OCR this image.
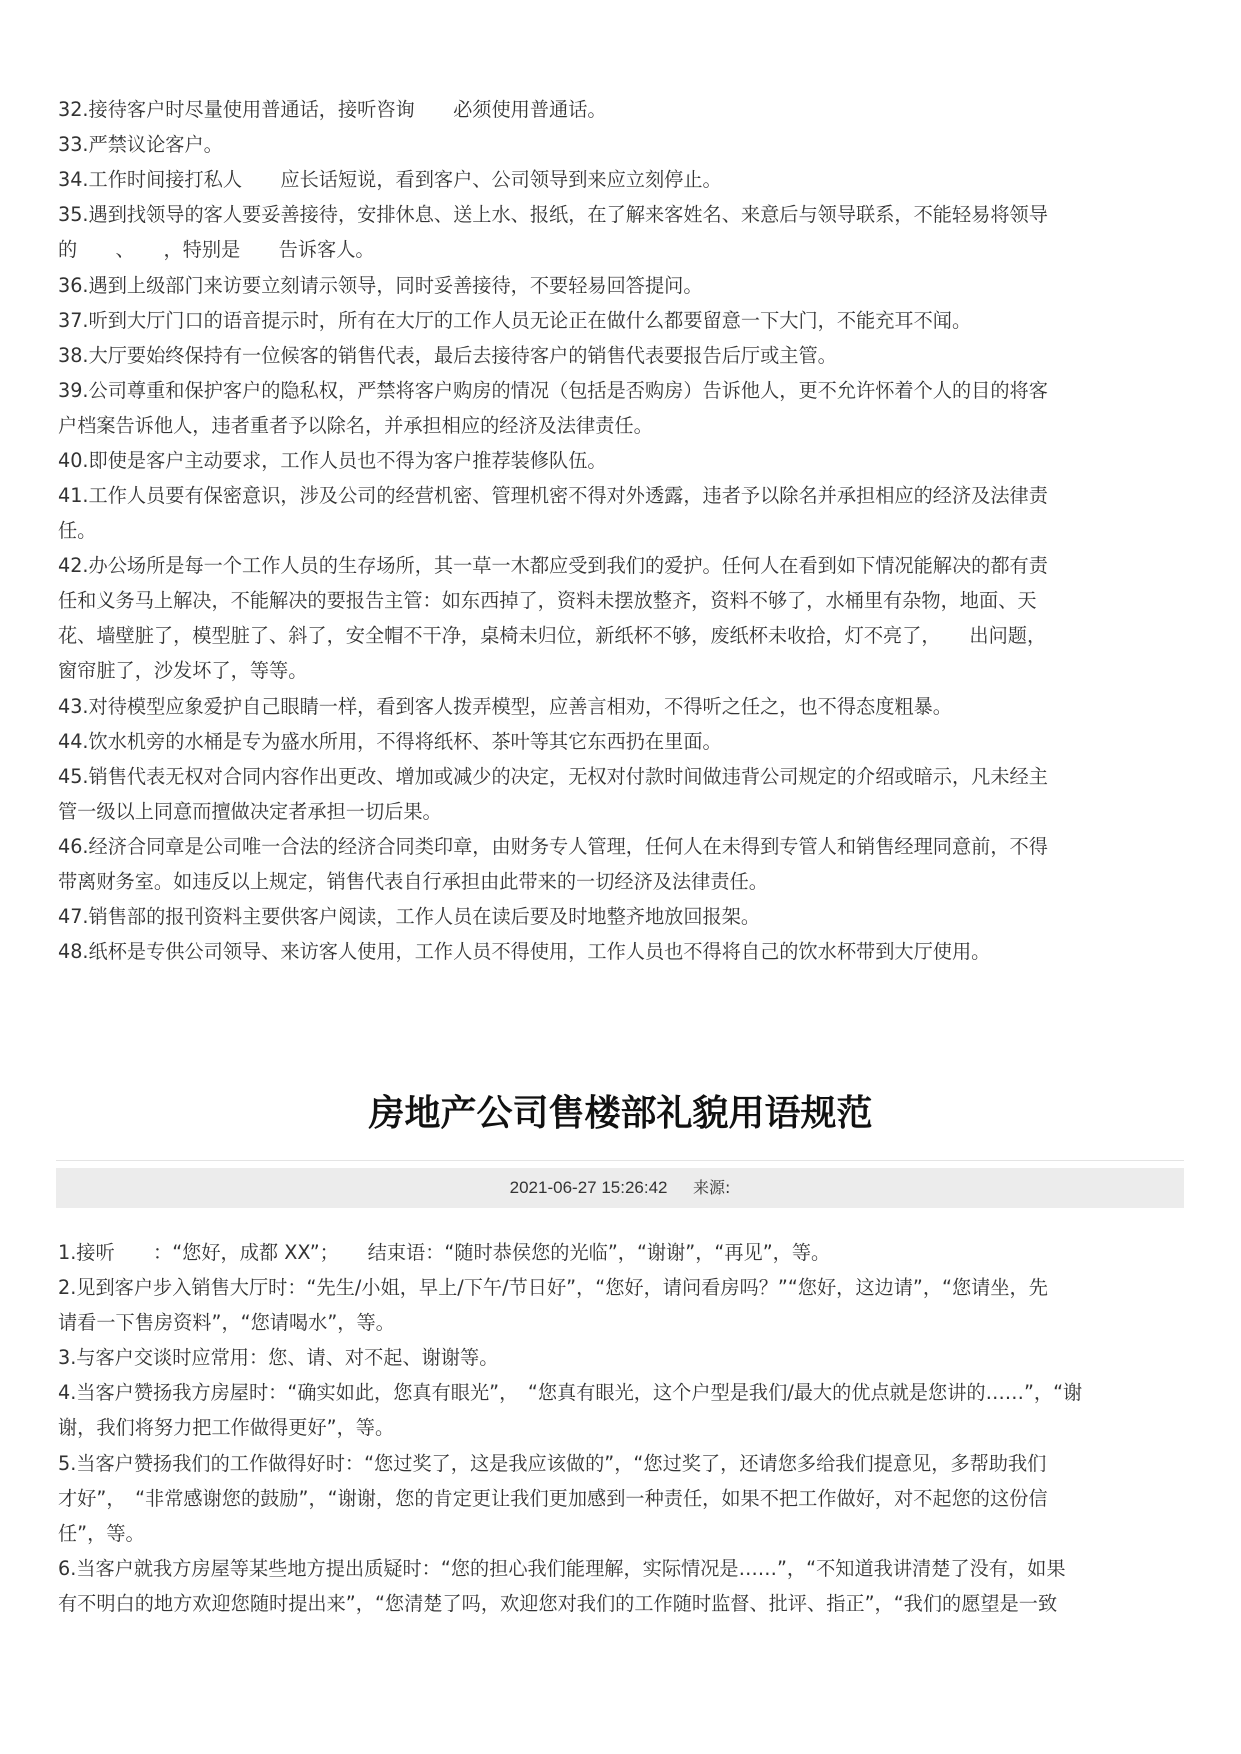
32.接待客户时尽量使用普通话，接听咨询　　必须使用普通话。
33.严禁议论客户。
34.工作时间接打私人　　应长话短说，看到客户、公司领导到来应立刻停止。
35.遇到找领导的客人要妥善接待，安排休息、送上水、报纸，在了解来客姓名、来意后与领导联系，不能轻易将领导
的　　、　　，特别是　　告诉客人。
36.遇到上级部门来访要立刻请示领导，同时妥善接待，不要轻易回答提问。
37.听到大厅门口的语音提示时，所有在大厅的工作人员无论正在做什么都要留意一下大门，不能充耳不闻。
38.大厅要始终保持有一位候客的销售代表，最后去接待客户的销售代表要报告后厅或主管。
39.公司尊重和保护客户的隐私权，严禁将客户购房的情况（包括是否购房）告诉他人，更不允许怀着个人的目的将客
户档案告诉他人，违者重者予以除名，并承担相应的经济及法律责任。
40.即使是客户主动要求，工作人员也不得为客户推荐装修队伍。
41.工作人员要有保密意识，涉及公司的经营机密、管理机密不得对外透露，违者予以除名并承担相应的经济及法律责
任。
42.办公场所是每一个工作人员的生存场所，其一草一木都应受到我们的爱护。任何人在看到如下情况能解决的都有责
任和义务马上解决，不能解决的要报告主管：如东西掉了，资料未摆放整齐，资料不够了，水桶里有杂物，地面、天
花、墙壁脏了，模型脏了、斜了，安全帽不干净，桌椅未归位，新纸杯不够，废纸杯未收拾，灯不亮了，　　出问题，
窗帘脏了，沙发坏了，等等。
43.对待模型应象爱护自己眼睛一样，看到客人拨弄模型，应善言相劝，不得听之任之，也不得态度粗暴。
44.饮水机旁的水桶是专为盛水所用，不得将纸杯、茶叶等其它东西扔在里面。
45.销售代表无权对合同内容作出更改、增加或减少的决定，无权对付款时间做违背公司规定的介绍或暗示，凡未经主
管一级以上同意而擅做决定者承担一切后果。
46.经济合同章是公司唯一合法的经济合同类印章，由财务专人管理，任何人在未得到专管人和销售经理同意前，不得
带离财务室。如违反以上规定，销售代表自行承担由此带来的一切经济及法律责任。
47.销售部的报刊资料主要供客户阅读，工作人员在读后要及时地整齐地放回报架。
48.纸杯是专供公司领导、来访客人使用，工作人员不得使用，工作人员也不得将自己的饮水杯带到大厅使用。
房地产公司售楼部礼貌用语规范
2021-06-27 15:26:42 来源:
1.接听　　：“您好，成都 XX”；　　结束语：“随时恭侯您的光临”，“谢谢”，“再见”，等。
2.见到客户步入销售大厅时：“先生/小姐，早上/下午/节日好”，“您好，请问看房吗？”“您好，这边请”，“您请坐，先
请看一下售房资料”，“您请喝水”，等。
3.与客户交谈时应常用：您、请、对不起、谢谢等。
4.当客户赞扬我方房屋时：“确实如此，您真有眼光”，　“您真有眼光，这个户型是我们/最大的优点就是您讲的……”，“谢
谢，我们将努力把工作做得更好”，等。
5.当客户赞扬我们的工作做得好时：“您过奖了，这是我应该做的”，“您过奖了，还请您多给我们提意见，多帮助我们
才好”，　“非常感谢您的鼓励”，“谢谢，您的肯定更让我们更加感到一种责任，如果不把工作做好，对不起您的这份信
任”，等。
6.当客户就我方房屋等某些地方提出质疑时：“您的担心我们能理解，实际情况是……”，“不知道我讲清楚了没有，如果
有不明白的地方欢迎您随时提出来”，“您清楚了吗，欢迎您对我们的工作随时监督、批评、指正”，“我们的愿望是一致
